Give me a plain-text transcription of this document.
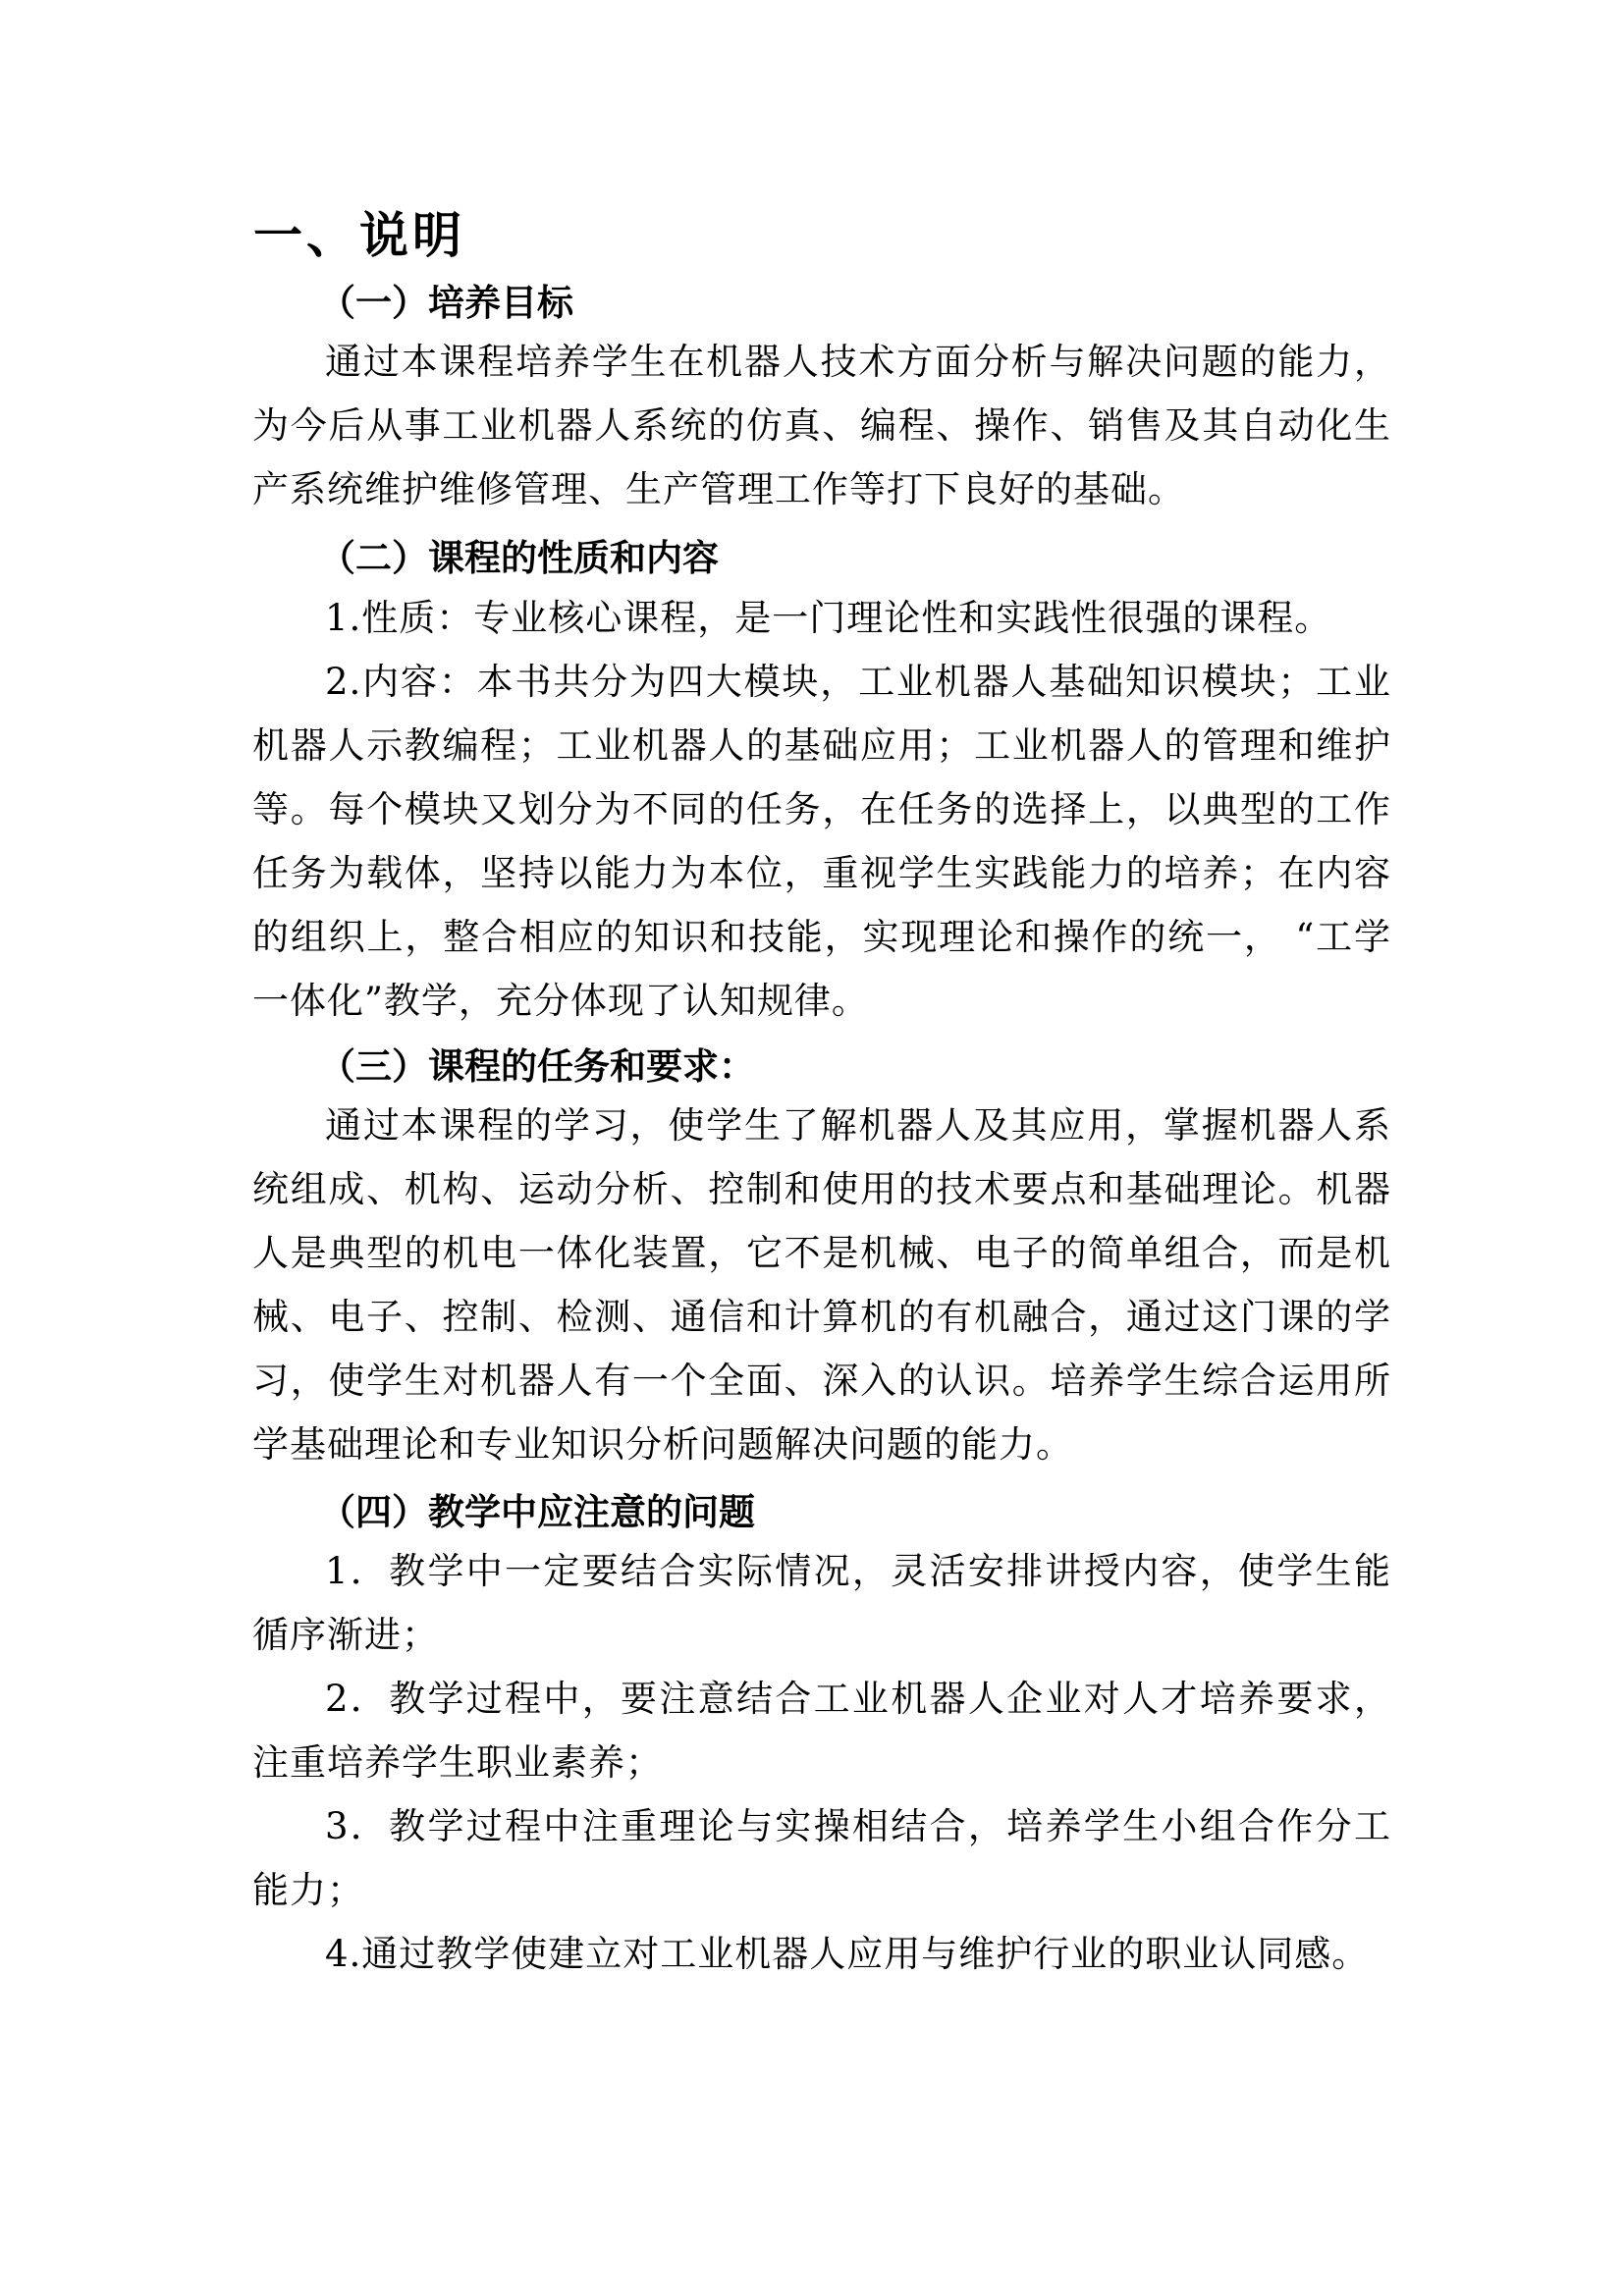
一、说明
（一）培养目标

通过本课程培养学生在机器人技术方面分析与解决问题的能力，为今后从事工业机器人系统的仿真、编程、操作、销售及其自动化生产系统维护维修管理、生产管理工作等打下良好的基础。

（二）课程的性质和内容

1.性质：专业核心课程，是一门理论性和实践性很强的课程。

2.内容：本书共分为四大模块，工业机器人基础知识模块；工业机器人示教编程；工业机器人的基础应用；工业机器人的管理和维护等。每个模块又划分为不同的任务，在任务的选择上，以典型的工作任务为载体，坚持以能力为本位，重视学生实践能力的培养；在内容的组织上，整合相应的知识和技能，实现理论和操作的统一， “工学一体化”教学，充分体现了认知规律。

（三）课程的任务和要求：

通过本课程的学习，使学生了解机器人及其应用，掌握机器人系统组成、机构、运动分析、控制和使用的技术要点和基础理论。机器人是典型的机电一体化装置，它不是机械、电子的简单组合，而是机械、电子、控制、检测、通信和计算机的有机融合，通过这门课的学习，使学生对机器人有一个全面、深入的认识。培养学生综合运用所学基础理论和专业知识分析问题解决问题的能力。

（四）教学中应注意的问题

1．教学中一定要结合实际情况，灵活安排讲授内容，使学生能循序渐进；

2．教学过程中，要注意结合工业机器人企业对人才培养要求，注重培养学生职业素养；

3．教学过程中注重理论与实操相结合，培养学生小组合作分工能力；

4.通过教学使建立对工业机器人应用与维护行业的职业认同感。
